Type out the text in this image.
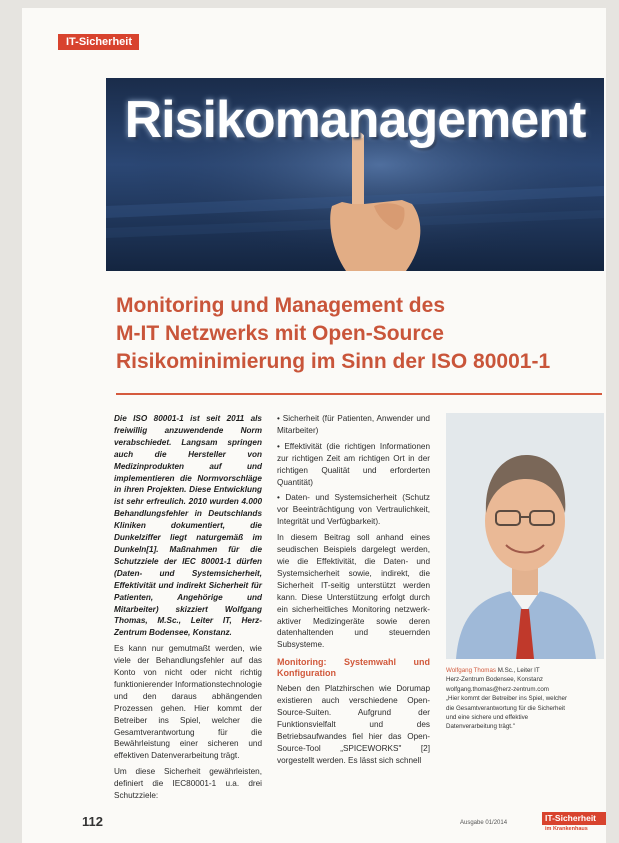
IT-Sicherheit
Risikomanagement
Monitoring und Management des
M-IT Netzwerks mit Open-Source
Risikominimierung im Sinn der ISO 80001-1

Die ISO 80001-1 ist seit 2011 als freiwillig anzuwendende Norm verabschiedet. Langsam springen auch die Hersteller von Medizinprodukten auf und implementieren die Normvorschläge in ihren Projekten. Diese Entwicklung ist sehr erfreulich. 2010 wurden 4.000 Behandlungsfehler in Deutschlands Kliniken dokumentiert, die Dunkelziffer liegt naturgemäß im Dunkeln[1]. Maßnahmen für die Schutzziele der IEC 80001-1 dürfen (Daten- und Systemsicherheit, Effektivität und indirekt Sicherheit für Patienten, Angehörige und Mitarbeiter) skizziert Wolfgang Thomas, M.Sc., Leiter IT, Herz-Zentrum Bodensee, Konstanz.

Es kann nur gemutmaßt werden, wie viele der Behandlungsfehler auf das Konto von nicht oder nicht richtig funktionierender Informationstechnologie und den daraus abhängenden Prozessen gehen. Hier kommt der Betreiber ins Spiel, welcher die Gesamtverantwortung für die Bewährleistung einer sicheren und effektiven Datenverarbeitung trägt.

Um diese Sicherheit gewährleisten, definiert die IEC80001-1 u.a. drei Schutzziele:

• Sicherheit (für Patienten, Anwender und Mitarbeiter)

• Effektivität (die richtigen Informationen zur richtigen Zeit am richtigen Ort in der richtigen Qualität und erforderten Quantität)

• Daten- und Systemsicherheit (Schutz vor Beeinträchtigung von Vertraulichkeit, Integrität und Verfügbarkeit).

In diesem Beitrag soll anhand eines seudischen Beispiels dargelegt werden, wie die Effektivität, die Daten- und Systemsicherheit sowie, indirekt, die Sicherheit IT-seitig unterstützt werden kann. Diese Unterstützung erfolgt durch ein sicherheitliches Monitoring netzwerk-aktiver Medizingeräte sowie deren datenhaltenden und steuernden Subsysteme.

Monitoring: Systemwahl und Konfiguration

Neben den Platzhirschen wie Dorumap existieren auch verschiedene Open-Source-Suiten. Aufgrund der Funktionsvielfalt und des Betriebsaufwandes fiel hier das Open-Source-Tool „SPICEWORKS" [2] vorgestellt werden. Es lässt sich schnell

Wolfgang Thomas M.Sc., Leiter IT
Herz-Zentrum Bodensee, Konstanz
wolfgang.thomas@herz-zentrum.com
„Hier kommt der Betreiber ins Spiel, welcher
die Gesamtverantwortung für die Sicherheit
und eine sichere und effektive
Datenverarbeitung trägt."
112	Ausgabe 01/2014	IT-Sicherheit
im Krankenhaus
